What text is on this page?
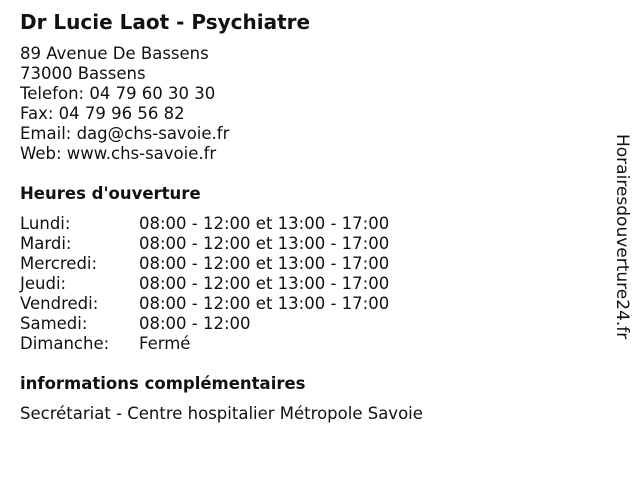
Dr Lucie Laot - Psychiatre
89 Avenue De Bassens
73000 Bassens
Telefon: 04 79 60 30 30
Fax: 04 79 96 56 82
Email: dag@chs-savoie.fr
Web: www.chs-savoie.fr
Heures d'ouverture
Lundi:	08:00 - 12:00 et 13:00 - 17:00
Mardi:	08:00 - 12:00 et 13:00 - 17:00
Mercredi:	08:00 - 12:00 et 13:00 - 17:00
Jeudi:	08:00 - 12:00 et 13:00 - 17:00
Vendredi: 08:00 - 12:00 et 13:00 - 17:00
Samedi:	08:00 - 12:00
Dimanche: Fermé
informations complémentaires
Secrétariat - Centre hospitalier Métropole Savoie
Horairesdouverture24.fr
